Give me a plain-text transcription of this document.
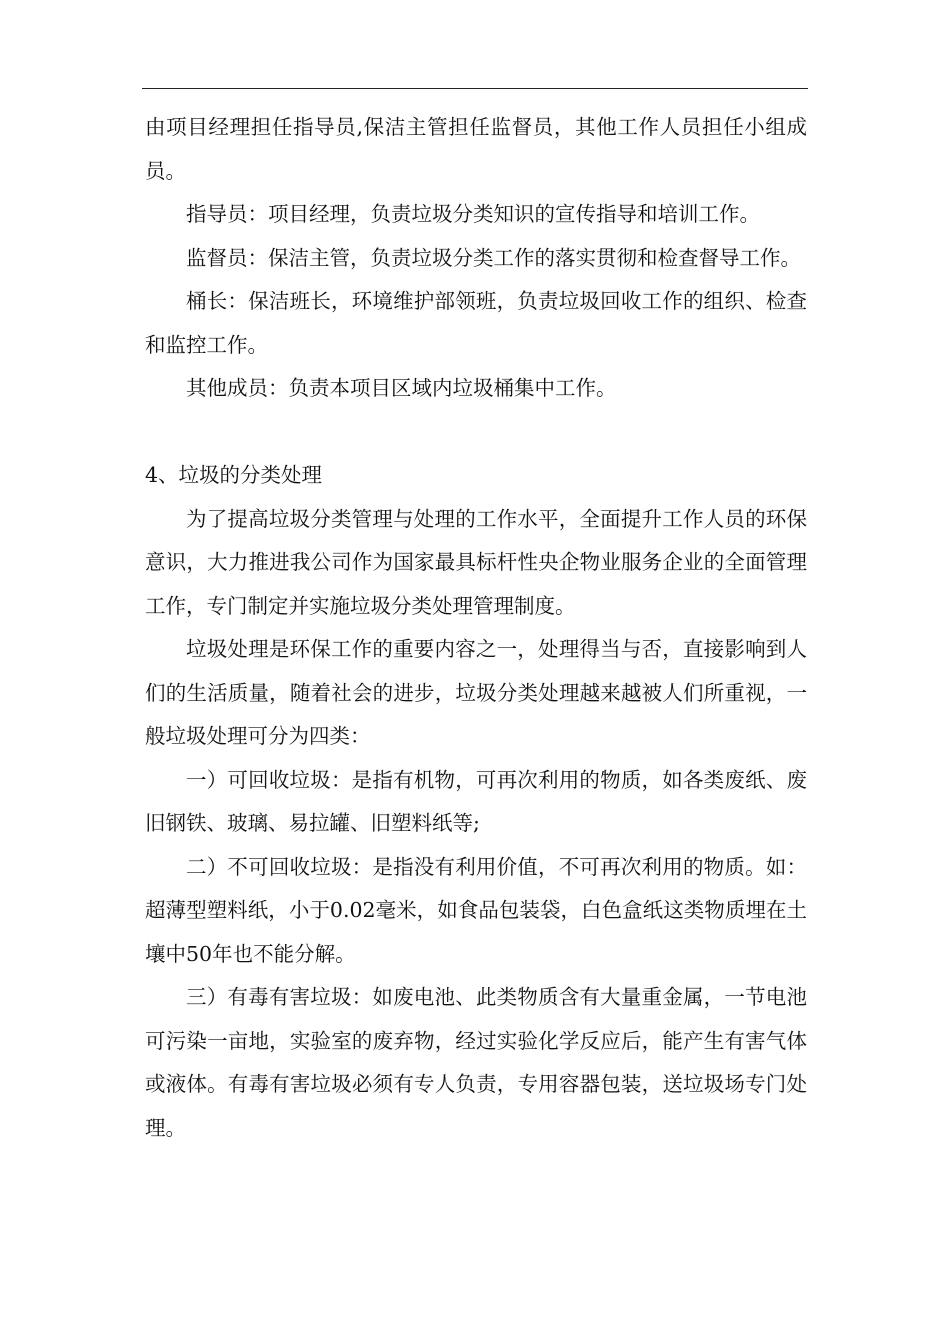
由项目经理担任指导员,保洁主管担任监督员，其他工作人员担任小组成员。

指导员：项目经理，负责垃圾分类知识的宣传指导和培训工作。

监督员：保洁主管，负责垃圾分类工作的落实贯彻和检查督导工作。

桶长：保洁班长，环境维护部领班，负责垃圾回收工作的组织、检查和监控工作。

其他成员：负责本项目区域内垃圾桶集中工作。

4、垃圾的分类处理

为了提高垃圾分类管理与处理的工作水平，全面提升工作人员的环保意识，大力推进我公司作为国家最具标杆性央企物业服务企业的全面管理工作，专门制定并实施垃圾分类处理管理制度。

垃圾处理是环保工作的重要内容之一，处理得当与否，直接影响到人们的生活质量，随着社会的进步，垃圾分类处理越来越被人们所重视，一般垃圾处理可分为四类：

一）可回收垃圾：是指有机物，可再次利用的物质，如各类废纸、废旧钢铁、玻璃、易拉罐、旧塑料纸等;

二）不可回收垃圾：是指没有利用价值，不可再次利用的物质。如：超薄型塑料纸，小于0.02毫米，如食品包装袋，白色盒纸这类物质埋在土壤中50年也不能分解。

三）有毒有害垃圾：如废电池、此类物质含有大量重金属，一节电池可污染一亩地，实验室的废弃物，经过实验化学反应后，能产生有害气体或液体。有毒有害垃圾必须有专人负责，专用容器包装，送垃圾场专门处理。
